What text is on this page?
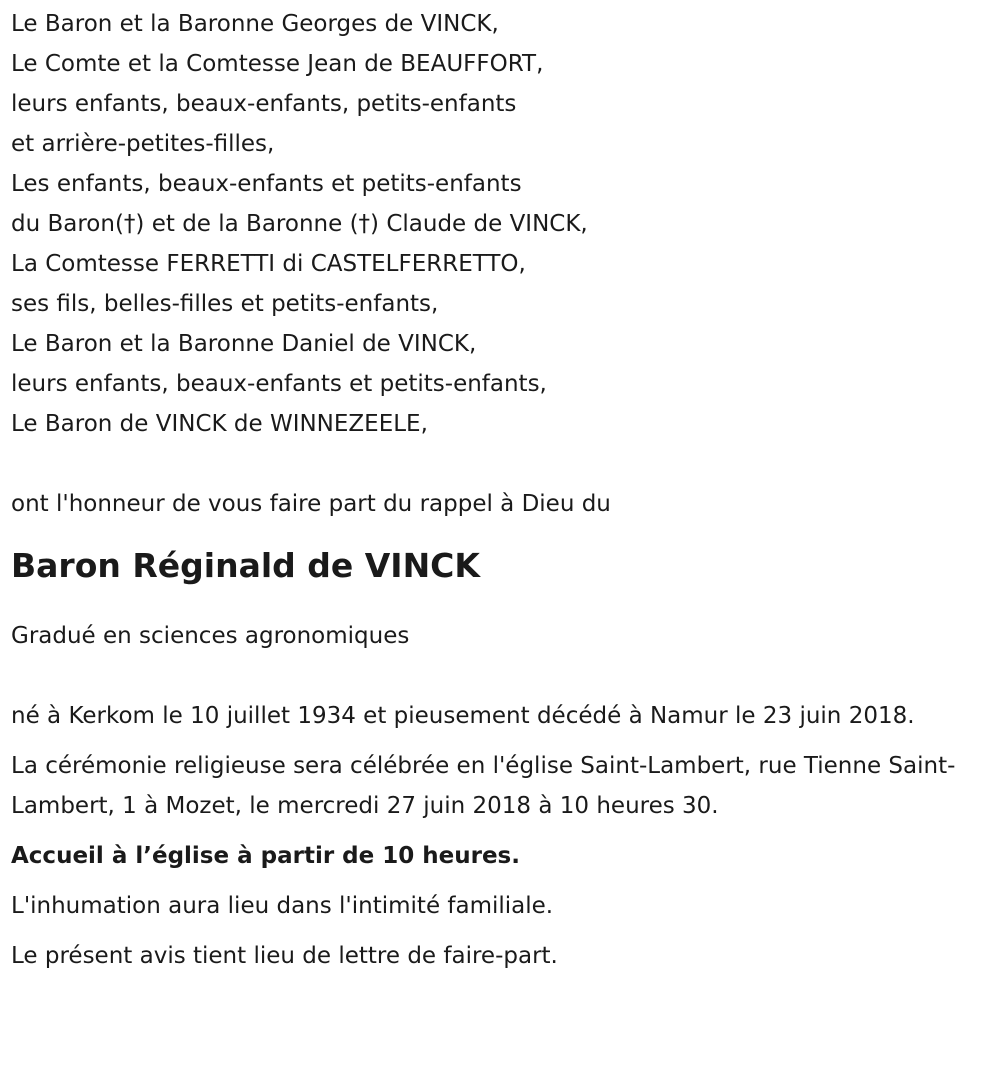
Le Baron et la Baronne Georges de VINCK,
Le Comte et la Comtesse Jean de BEAUFFORT,
leurs enfants, beaux-enfants, petits-enfants
et arrière-petites-filles,
Les enfants, beaux-enfants et petits-enfants
du Baron(†) et de la Baronne (†) Claude de VINCK,
La Comtesse FERRETTI di CASTELFERRETTO,
ses fils, belles-filles et petits-enfants,
Le Baron et la Baronne Daniel de VINCK,
leurs enfants, beaux-enfants et petits-enfants,
Le Baron de VINCK de WINNEZEELE,
ont l'honneur de vous faire part du rappel à Dieu du
Baron Réginald de VINCK
Gradué en sciences agronomiques
né à Kerkom le 10 juillet 1934 et pieusement décédé à Namur le 23 juin 2018.
La cérémonie religieuse sera célébrée en l'église Saint-Lambert, rue Tienne Saint-Lambert, 1 à Mozet, le mercredi 27 juin 2018 à 10 heures 30.
Accueil à l’église à partir de 10 heures.
L'inhumation aura lieu dans l'intimité familiale.
Le présent avis tient lieu de lettre de faire-part.
